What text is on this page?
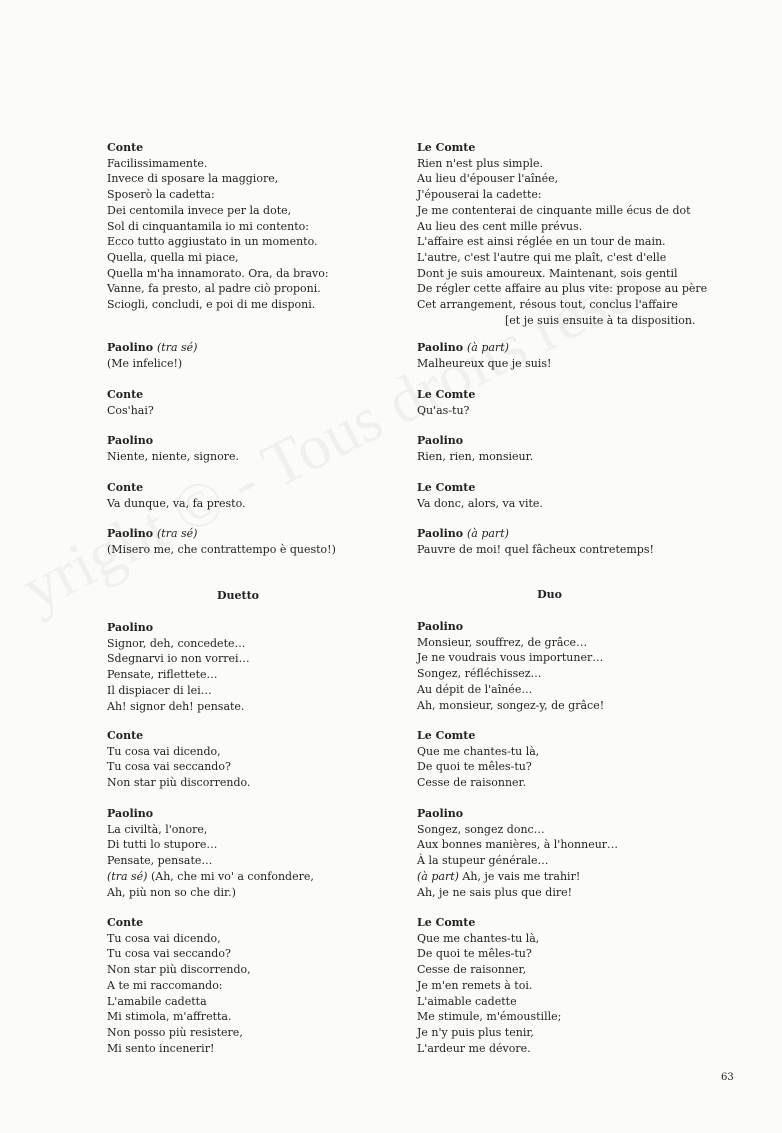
Conte
Facilissimamente.
Invece di sposare la maggiore,
Sposerò la cadetta:
Dei centomila invece per la dote,
Sol di cinquantamila io mi contento:
Ecco tutto aggiustato in un momento.
Quella, quella mi piace,
Quella m'ha innamorato. Ora, da bravo:
Vanne, fa presto, al padre ciò proponi.
Sciogli, concludi, e poi di me disponi.
Paolino (tra sé)
(Me infelice!)
Conte
Cos'hai?
Paolino
Niente, niente, signore.
Conte
Va dunque, va, fa presto.
Paolino (tra sé)
(Misero me, che contrattempo è questo!)
Paolino
Signor, deh, concedete…
Sdegnarvi io non vorrei…
Pensate, riflettete…
Il dispiacer di lei…
Ah! signor deh! pensate.
Conte
Tu cosa vai dicendo,
Tu cosa vai seccando?
Non star più discorrendo.
Paolino
La civiltà, l'onore,
Di tutti lo stupore…
Pensate, pensate…
(tra sé) (Ah, che mi vo' a confondere,
Ah, più non so che dir.)
Conte
Tu cosa vai dicendo,
Tu cosa vai seccando?
Non star più discorrendo,
A te mi raccomando:
L'amabile cadetta
Mi stimola, m'affretta.
Non posso più resistere,
Mi sento incenerir!
Le Comte
Rien n'est plus simple.
Au lieu d'épouser l'aînée,
J'épouserai la cadette:
Je me contenterai de cinquante mille écus de dot
Au lieu des cent mille prévus.
L'affaire est ainsi réglée en un tour de main.
L'autre, c'est l'autre qui me plaît, c'est d'elle
Dont je suis amoureux. Maintenant, sois gentil
De régler cette affaire au plus vite: propose au père
Cet arrangement, résous tout, conclus l'affaire
[et je suis ensuite à ta disposition.
Paolino (à part)
Malheureux que je suis!
Le Comte
Qu'as-tu?
Paolino
Rien, rien, monsieur.
Le Comte
Va donc, alors, va vite.
Paolino (à part)
Pauvre de moi! quel fâcheux contretemps!
Paolino
Monsieur, souffrez, de grâce…
Je ne voudrais vous importuner…
Songez, réfléchissez…
Au dépit de l'aînée…
Ah, monsieur, songez-y, de grâce!
Le Comte
Que me chantes-tu là,
De quoi te mêles-tu?
Cesse de raisonner.
Paolino
Songez, songez donc…
Aux bonnes manières, à l'honneur…
À la stupeur générale…
(à part) Ah, je vais me trahir!
Ah, je ne sais plus que dire!
Le Comte
Que me chantes-tu là,
De quoi te mêles-tu?
Cesse de raisonner,
Je m'en remets à toi.
L'aimable cadette
Me stimule, m'émoustille;
Je n'y puis plus tenir,
L'ardeur me dévore.
Duetto	Duo
63
